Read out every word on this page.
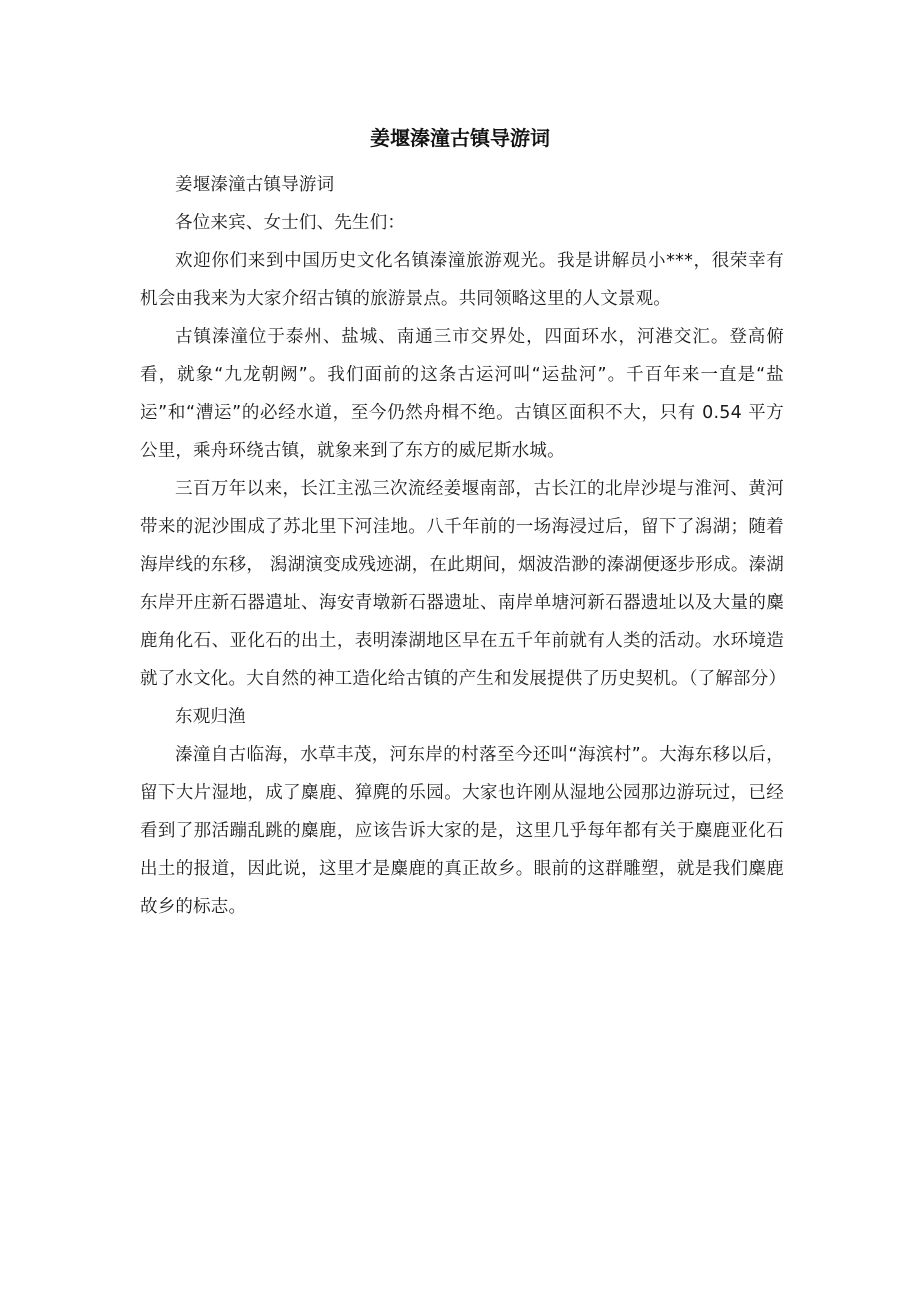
姜堰溱潼古镇导游词

姜堰溱潼古镇导游词

各位来宾、女士们、先生们：

欢迎你们来到中国历史文化名镇溱潼旅游观光。我是讲解员小***，很荣幸有机会由我来为大家介绍古镇的旅游景点。共同领略这里的人文景观。

古镇溱潼位于泰州、盐城、南通三市交界处，四面环水，河港交汇。登高俯看，就象“九龙朝阙”。我们面前的这条古运河叫“运盐河”。千百年来一直是“盐运”和“漕运”的必经水道，至今仍然舟楫不绝。古镇区面积不大，只有 0.54 平方公里，乘舟环绕古镇，就象来到了东方的威尼斯水城。

三百万年以来，长江主泓三次流经姜堰南部，古长江的北岸沙堤与淮河、黄河带来的泥沙围成了苏北里下河洼地。八千年前的一场海浸过后，留下了潟湖；随着海岸线的东移， 潟湖演变成残迹湖，在此期间，烟波浩渺的溱湖便逐步形成。溱湖东岸开庄新石器遣址、海安青墩新石器遗址、南岸单塘河新石器遗址以及大量的麋鹿角化石、亚化石的出土，表明溱湖地区早在五千年前就有人类的活动。水环境造就了水文化。大自然的神工造化给古镇的产生和发展提供了历史契机。（了解部分）

东观归渔

溱潼自古临海，水草丰茂，河东岸的村落至今还叫“海滨村”。大海东移以后，留下大片湿地，成了麋鹿、獐麂的乐园。大家也许刚从湿地公园那边游玩过，已经看到了那活蹦乱跳的麋鹿，应该告诉大家的是，这里几乎每年都有关于麋鹿亚化石出土的报道，因此说，这里才是麋鹿的真正故乡。眼前的这群雕塑，就是我们麋鹿故乡的标志。
